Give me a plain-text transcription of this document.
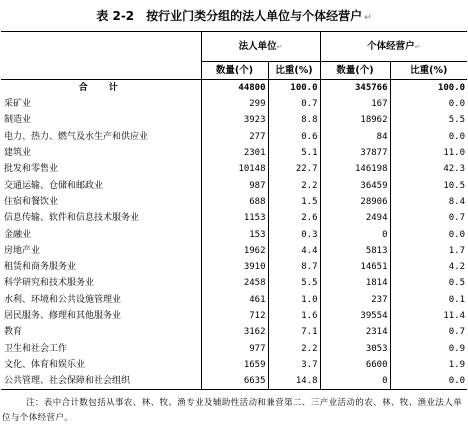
表 2-2　按行业门类分组的法人单位与个体经营户 ↵
	法人单位↵		个体经营户↵	
	数量(个)	比重(%)	数量(个)	比重(%)
合　计	44800	100.0	345766	100.0
采矿业	299	0.7	167	0.0
制造业	3923	8.8	18962	5.5
电力、热力、燃气及水生产和供应业	277	0.6	84	0.0
建筑业	2301	5.1	37877	11.0
批发和零售业	10148	22.7	146198	42.3
交通运输、仓储和邮政业	987	2.2	36459	10.5
住宿和餐饮业	688	1.5	28906	8.4
信息传输、软件和信息技术服务业	1153	2.6	2494	0.7
金融业	153	0.3	0	0.0
房地产业	1962	4.4	5813	1.7
租赁和商务服务业	3910	8.7	14651	4.2
科学研究和技术服务业	2458	5.5	1814	0.5
水利、环境和公共设施管理业	461	1.0	237	0.1
居民服务、修理和其他服务业	712	1.6	39554	11.4
教育	3162	7.1	2314	0.7
卫生和社会工作	977	2.2	3053	0.9
文化、体育和娱乐业	1659	3.7	6600	1.9
公共管理、社会保障和社会组织	6635	14.8	0	0.0
注：表中合计数包括从事农、林、牧、渔专业及辅助性活动和兼营第二、三产业活动的农、林、牧、渔业法人单位与个体经营户。
